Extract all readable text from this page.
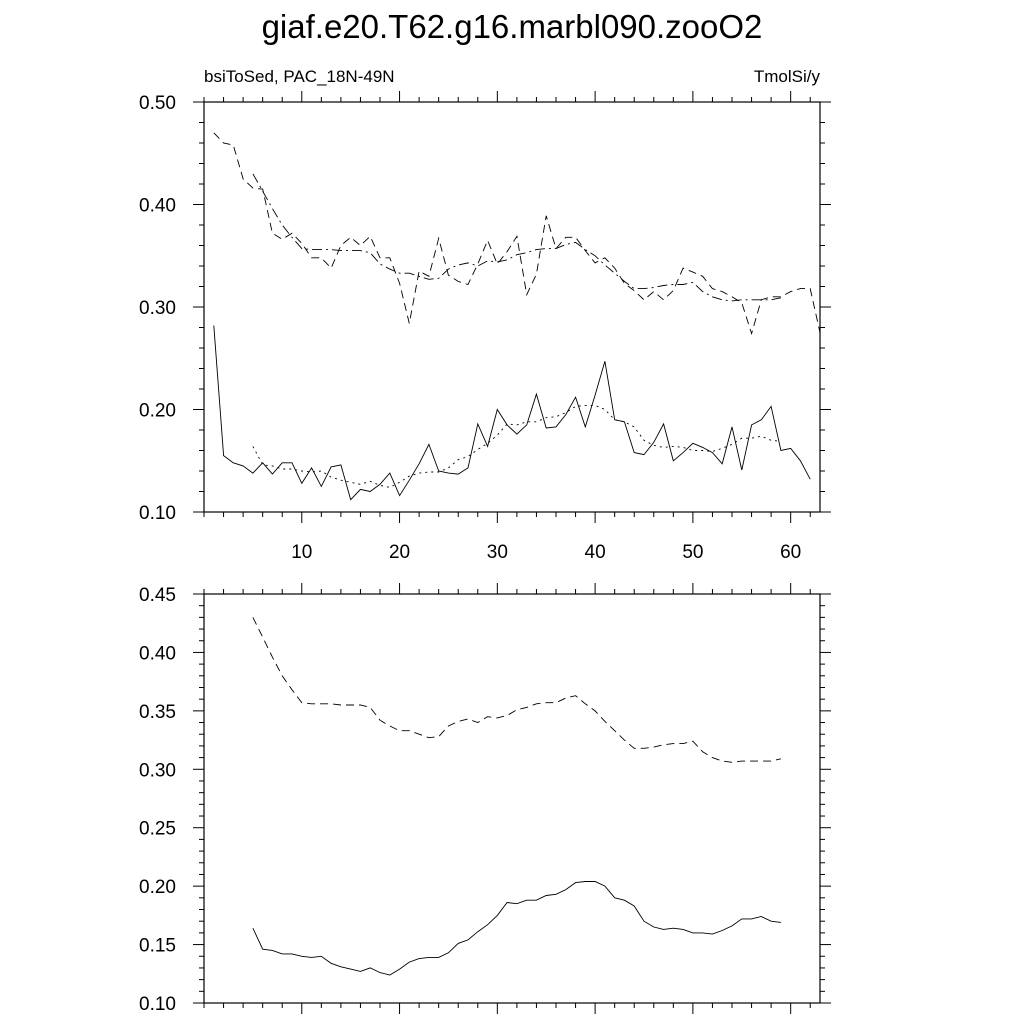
giaf.e20.T62.g16.marbl090.zooO2
bsiToSed, PAC_18N-49N	TmolSi/y
10	20	30	40	50	60
0.10
0.20
0.30
0.40
0.50
0.10
0.15
0.20
0.25
0.30
0.35
0.40
0.45
